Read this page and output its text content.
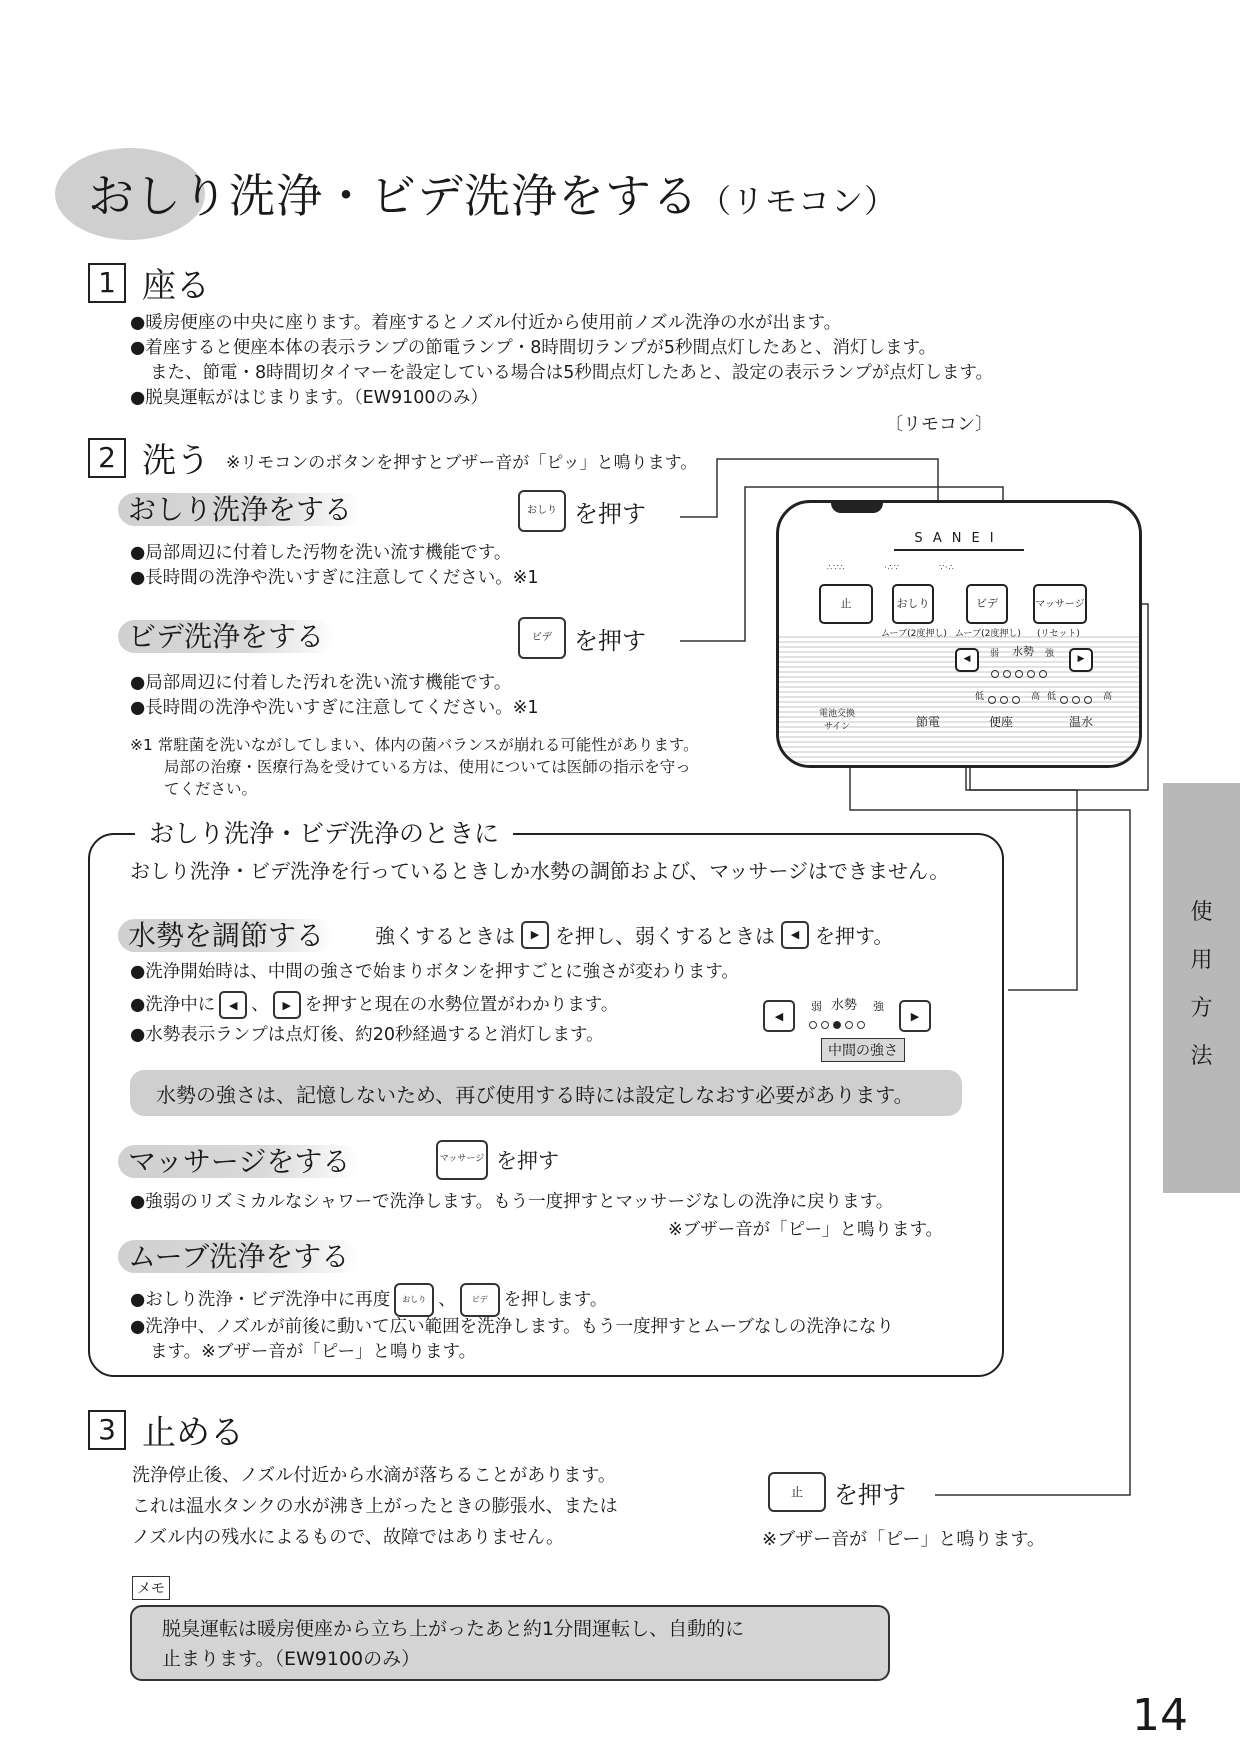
おしり洗浄・ビデ洗浄をする（リモコン）
1 座る
●暖房便座の中央に座ります。着座するとノズル付近から使用前ノズル洗浄の水が出ます。
●着座すると便座本体の表示ランプの節電ランプ・8時間切ランプが5秒間点灯したあと、消灯します。
また、節電・8時間切タイマーを設定している場合は5秒間点灯したあと、設定の表示ランプが点灯します。
●脱臭運転がはじまります。（EW9100のみ）
〔リモコン〕
2 洗う ※リモコンのボタンを押すとブザー音が「ピッ」と鳴ります。
おしり洗浄をする	おしり を押す
●局部周辺に付着した汚物を洗い流す機能です。
●長時間の洗浄や洗いすぎに注意してください。※1
ビデ洗浄をする	ビデ を押す
●局部周辺に付着した汚れを洗い流す機能です。
●長時間の洗浄や洗いすぎに注意してください。※1
※1 常駐菌を洗いながしてしまい、体内の菌バランスが崩れる可能性があります。
局部の治療・医療行為を受けている方は、使用については医師の指示を守っ
てください。
SANEI
∴∵∴           ·∴∵           ∵·∴
止	おしり	ビデ	マッサージ
ムーブ(2度押し) ムーブ(2度押し) (リセット)
◀	▶
弱 水勢 強
低	高 低	高
電池交換
サイン	節電	便座	温水
おしり洗浄・ビデ洗浄のときに
おしり洗浄・ビデ洗浄を行っているときしか水勢の調節および、マッサージはできません。
水勢を調節する	強くするときは	▶ を押し、弱くするときは	◀ を押す。
●洗浄開始時は、中間の強さで始まりボタンを押すごとに強さが変わります。
●洗浄中に	◀ 、	▶ を押すと現在の水勢位置がわかります。
●水勢表示ランプは点灯後、約20秒経過すると消灯します。
◀	▶
弱 水勢 強
中間の強さ
水勢の強さは、記憶しないため、再び使用する時には設定しなおす必要があります。
マッサージをする	マッサージ を押す
●強弱のリズミカルなシャワーで洗浄します。もう一度押すとマッサージなしの洗浄に戻ります。
※ブザー音が「ピー」と鳴ります。
ムーブ洗浄をする
●おしり洗浄・ビデ洗浄中に再度 おしり 、 ビデ を押します。
●洗浄中、ノズルが前後に動いて広い範囲を洗浄します。もう一度押すとムーブなしの洗浄になり
ます。※ブザー音が「ピー」と鳴ります。
3 止める
洗浄停止後、ノズル付近から水滴が落ちることがあります。
これは温水タンクの水が沸き上がったときの膨張水、または
ノズル内の残水によるもので、故障ではありません。
止 を押す
※ブザー音が「ピー」と鳴ります。
メモ
脱臭運転は暖房便座から立ち上がったあと約1分間運転し、自動的に
止まります。（EW9100のみ）
使
用
方
法
14
